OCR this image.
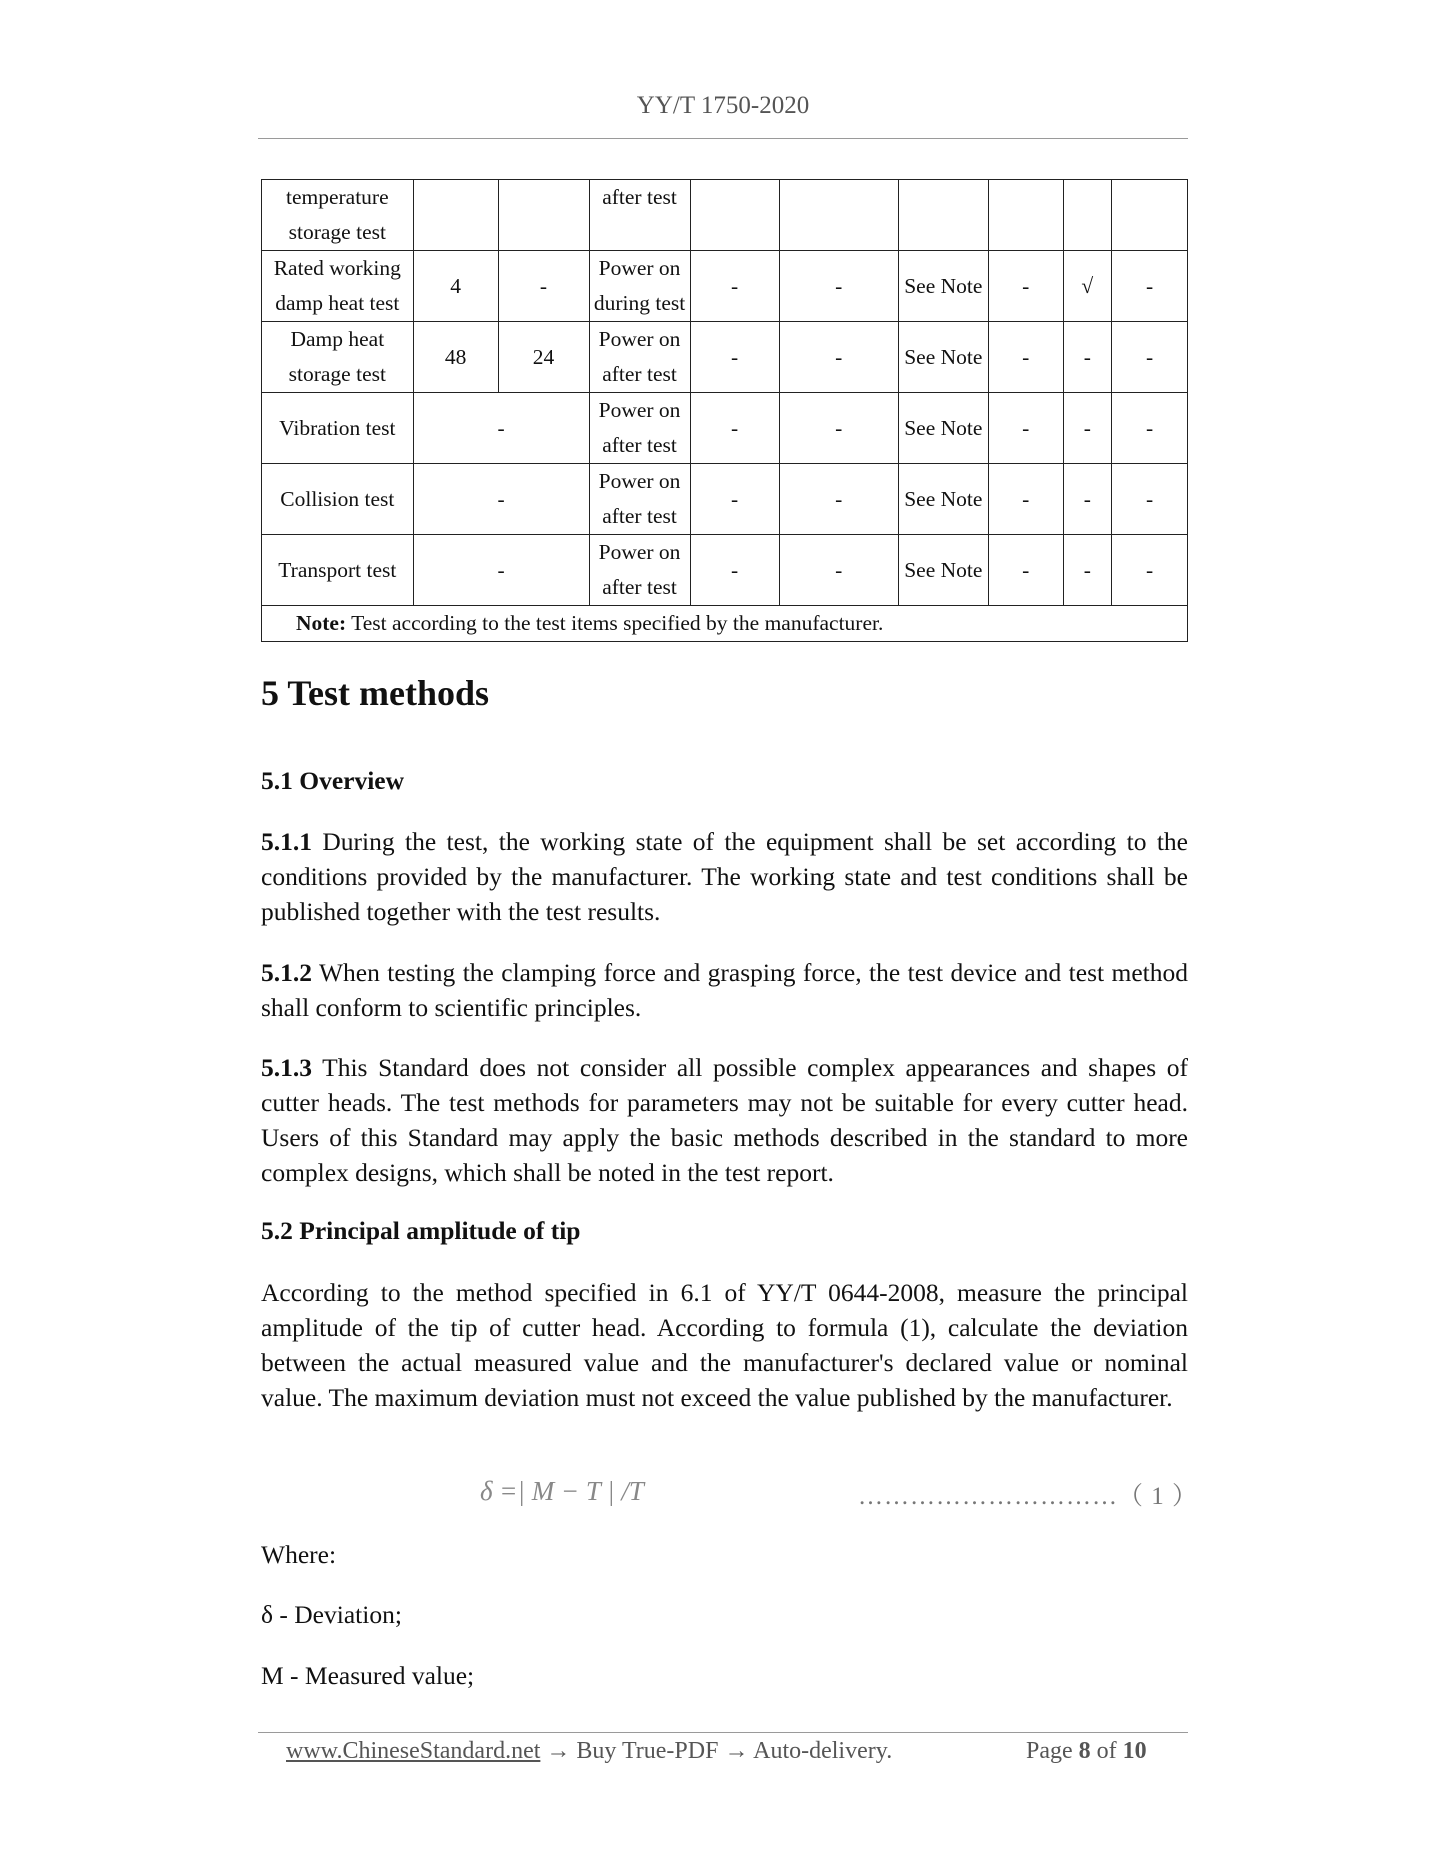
YY/T 1750-2020
temperature storage test			after test						
Rated working damp heat test	4	-	Power on during test	-	-	See Note	-	√	-
Damp heat storage test	48	24	Power on after test	-	-	See Note	-	-	-
Vibration test	-		Power on after test	-	-	See Note	-	-	-
Collision test	-		Power on after test	-	-	See Note	-	-	-
Transport test	-		Power on after test	-	-	See Note	-	-	-
Note: Test according to the test items specified by the manufacturer.									
5 Test methods
5.1 Overview

5.1.1 During the test, the working state of the equipment shall be set according to the conditions provided by the manufacturer. The working state and test conditions shall be published together with the test results.

5.1.2 When testing the clamping force and grasping force, the test device and test method shall conform to scientific principles.

5.1.3 This Standard does not consider all possible complex appearances and shapes of cutter heads. The test methods for parameters may not be suitable for every cutter head. Users of this Standard may apply the basic methods described in the standard to more complex designs, which shall be noted in the test report.

5.2 Principal amplitude of tip

According to the method specified in 6.1 of YY/T 0644-2008, measure the principal amplitude of the tip of cutter head. According to formula (1), calculate the deviation between the actual measured value and the manufacturer's declared value or nominal value. The maximum deviation must not exceed the value published by the manufacturer.

δ =| M − T | /T	…………………………（ 1 ）

Where:

δ - Deviation;

M - Measured value;

www.ChineseStandard.net → Buy True-PDF → Auto-delivery.	Page 8 of 10
